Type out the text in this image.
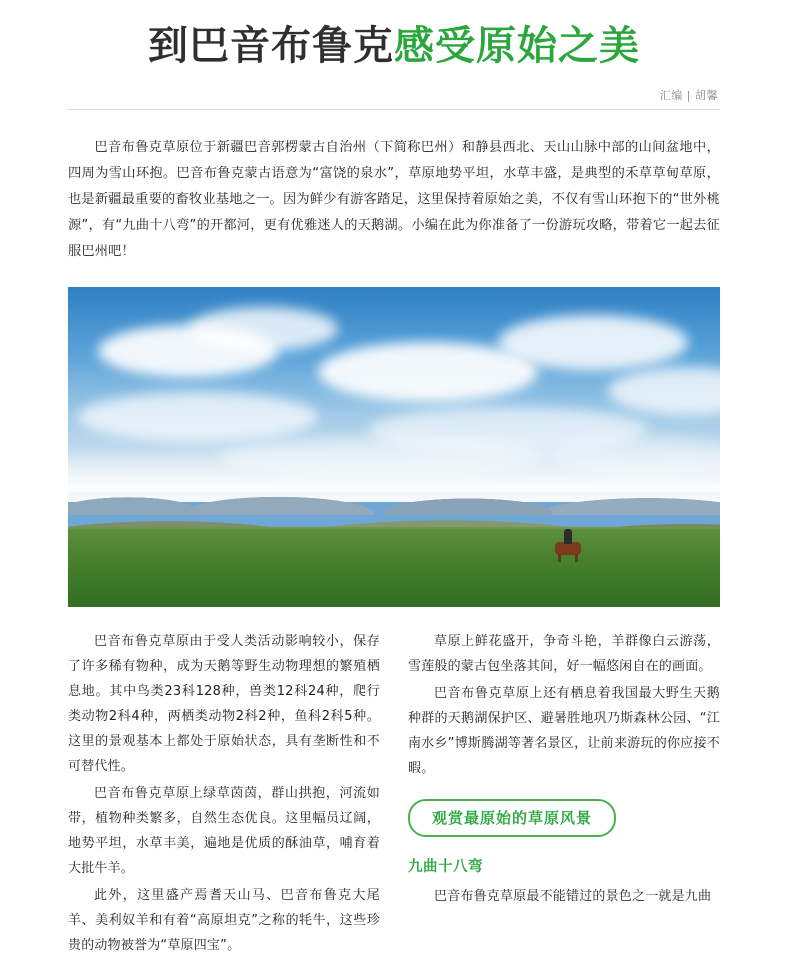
到巴音布鲁克 感受原始之美
汇编 | 胡馨

巴音布鲁克草原位于新疆巴音郭楞蒙古自治州（下简称巴州）和静县西北、天山山脉中部的山间盆地中，四周为雪山环抱。巴音布鲁克蒙古语意为“富饶的泉水”，草原地势平坦，水草丰盛，是典型的禾草草甸草原，也是新疆最重要的畜牧业基地之一。因为鲜少有游客踏足，这里保持着原始之美，不仅有雪山环抱下的“世外桃源”，有“九曲十八弯”的开都河，更有优雅迷人的天鹅湖。小编在此为你准备了一份游玩攻略，带着它一起去征服巴州吧！

巴音布鲁克草原由于受人类活动影响较小，保存了许多稀有物种，成为天鹅等野生动物理想的繁殖栖息地。其中鸟类23科128种，兽类12科24种，爬行类动物2科4种，两栖类动物2科2种，鱼科2科5种。这里的景观基本上都处于原始状态，具有垄断性和不可替代性。

巴音布鲁克草原上绿草茵茵，群山拱抱，河流如带，植物种类繁多，自然生态优良。这里幅员辽阔，地势平坦，水草丰美，遍地是优质的酥油草，哺育着大批牛羊。

此外，这里盛产焉耆天山马、巴音布鲁克大尾羊、美利奴羊和有着“高原坦克”之称的牦牛，这些珍贵的动物被誉为“草原四宝”。

草原上鲜花盛开，争奇斗艳，羊群像白云游荡，雪莲般的蒙古包坐落其间，好一幅悠闲自在的画面。

巴音布鲁克草原上还有栖息着我国最大野生天鹅种群的天鹅湖保护区、避暑胜地巩乃斯森林公园、“江南水乡”博斯腾湖等著名景区，让前来游玩的你应接不暇。

观赏最原始的草原风景
九曲十八弯

巴音布鲁克草原最不能错过的景色之一就是九曲
